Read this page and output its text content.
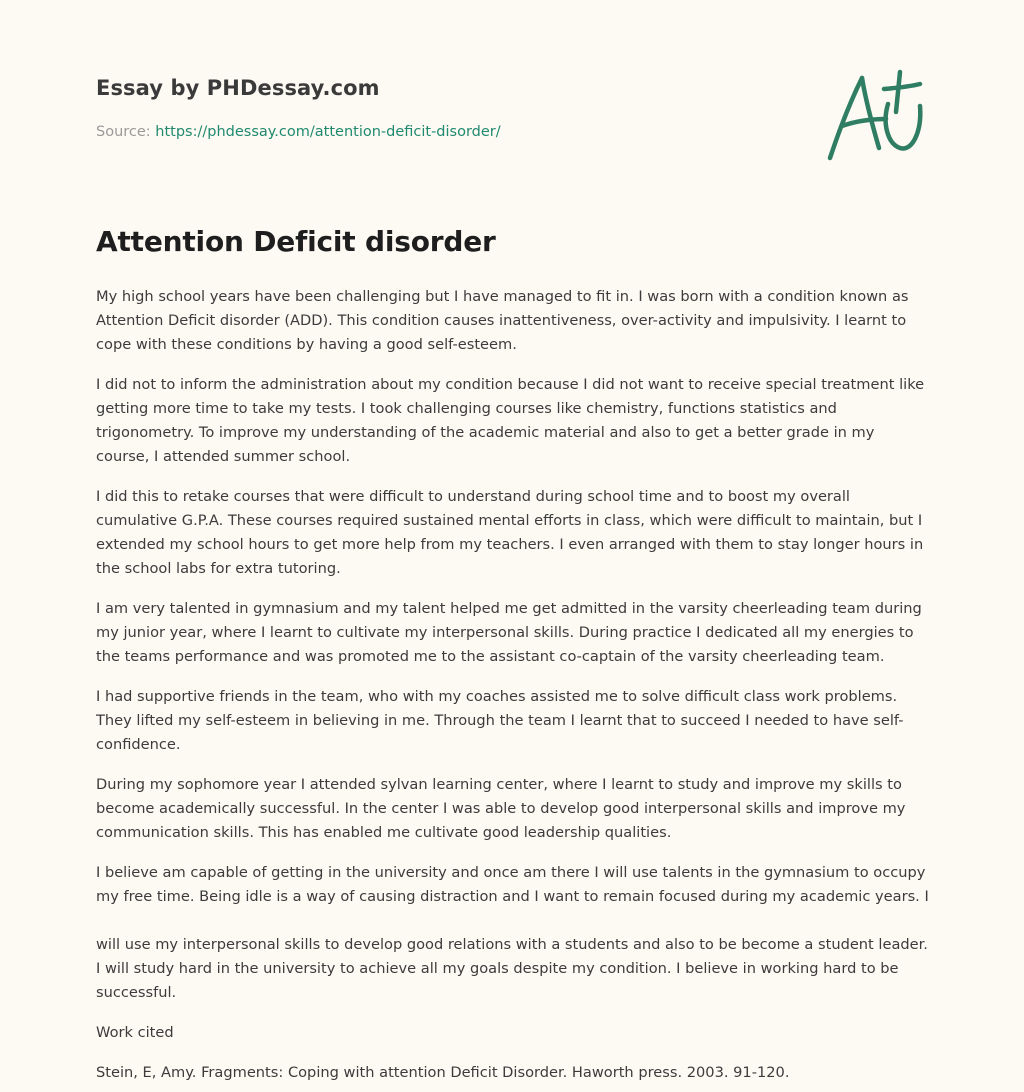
Essay by PHDessay.com

Source: https://phdessay.com/attention-deficit-disorder/

Attention Deficit disorder

My high school years have been challenging but I have managed to fit in. I was born with a condition known as Attention Deficit disorder (ADD). This condition causes inattentiveness, over-activity and impulsivity. I learnt to cope with these conditions by having a good self-esteem.

I did not to inform the administration about my condition because I did not want to receive special treatment like getting more time to take my tests. I took challenging courses like chemistry, functions statistics and trigonometry. To improve my understanding of the academic material and also to get a better grade in my course, I attended summer school.

I did this to retake courses that were difficult to understand during school time and to boost my overall cumulative G.P.A. These courses required sustained mental efforts in class, which were difficult to maintain, but I extended my school hours to get more help from my teachers. I even arranged with them to stay longer hours in the school labs for extra tutoring.

I am very talented in gymnasium and my talent helped me get admitted in the varsity cheerleading team during my junior year, where I learnt to cultivate my interpersonal skills. During practice I dedicated all my energies to the teams performance and was promoted me to the assistant co-captain of the varsity cheerleading team.

I had supportive friends in the team, who with my coaches assisted me to solve difficult class work problems. They lifted my self-esteem in believing in me. Through the team I learnt that to succeed I needed to have self-confidence.

During my sophomore year I attended sylvan learning center, where I learnt to study and improve my skills to become academically successful. In the center I was able to develop good interpersonal skills and improve my communication skills. This has enabled me cultivate good leadership qualities.

I believe am capable of getting in the university and once am there I will use talents in the gymnasium to occupy my free time. Being idle is a way of causing distraction and I want to remain focused during my academic years. I

will use my interpersonal skills to develop good relations with a students and also to be become a student leader. I will study hard in the university to achieve all my goals despite my condition. I believe in working hard to be successful.

Work cited

Stein, E, Amy. Fragments: Coping with attention Deficit Disorder. Haworth press. 2003. 91-120.
